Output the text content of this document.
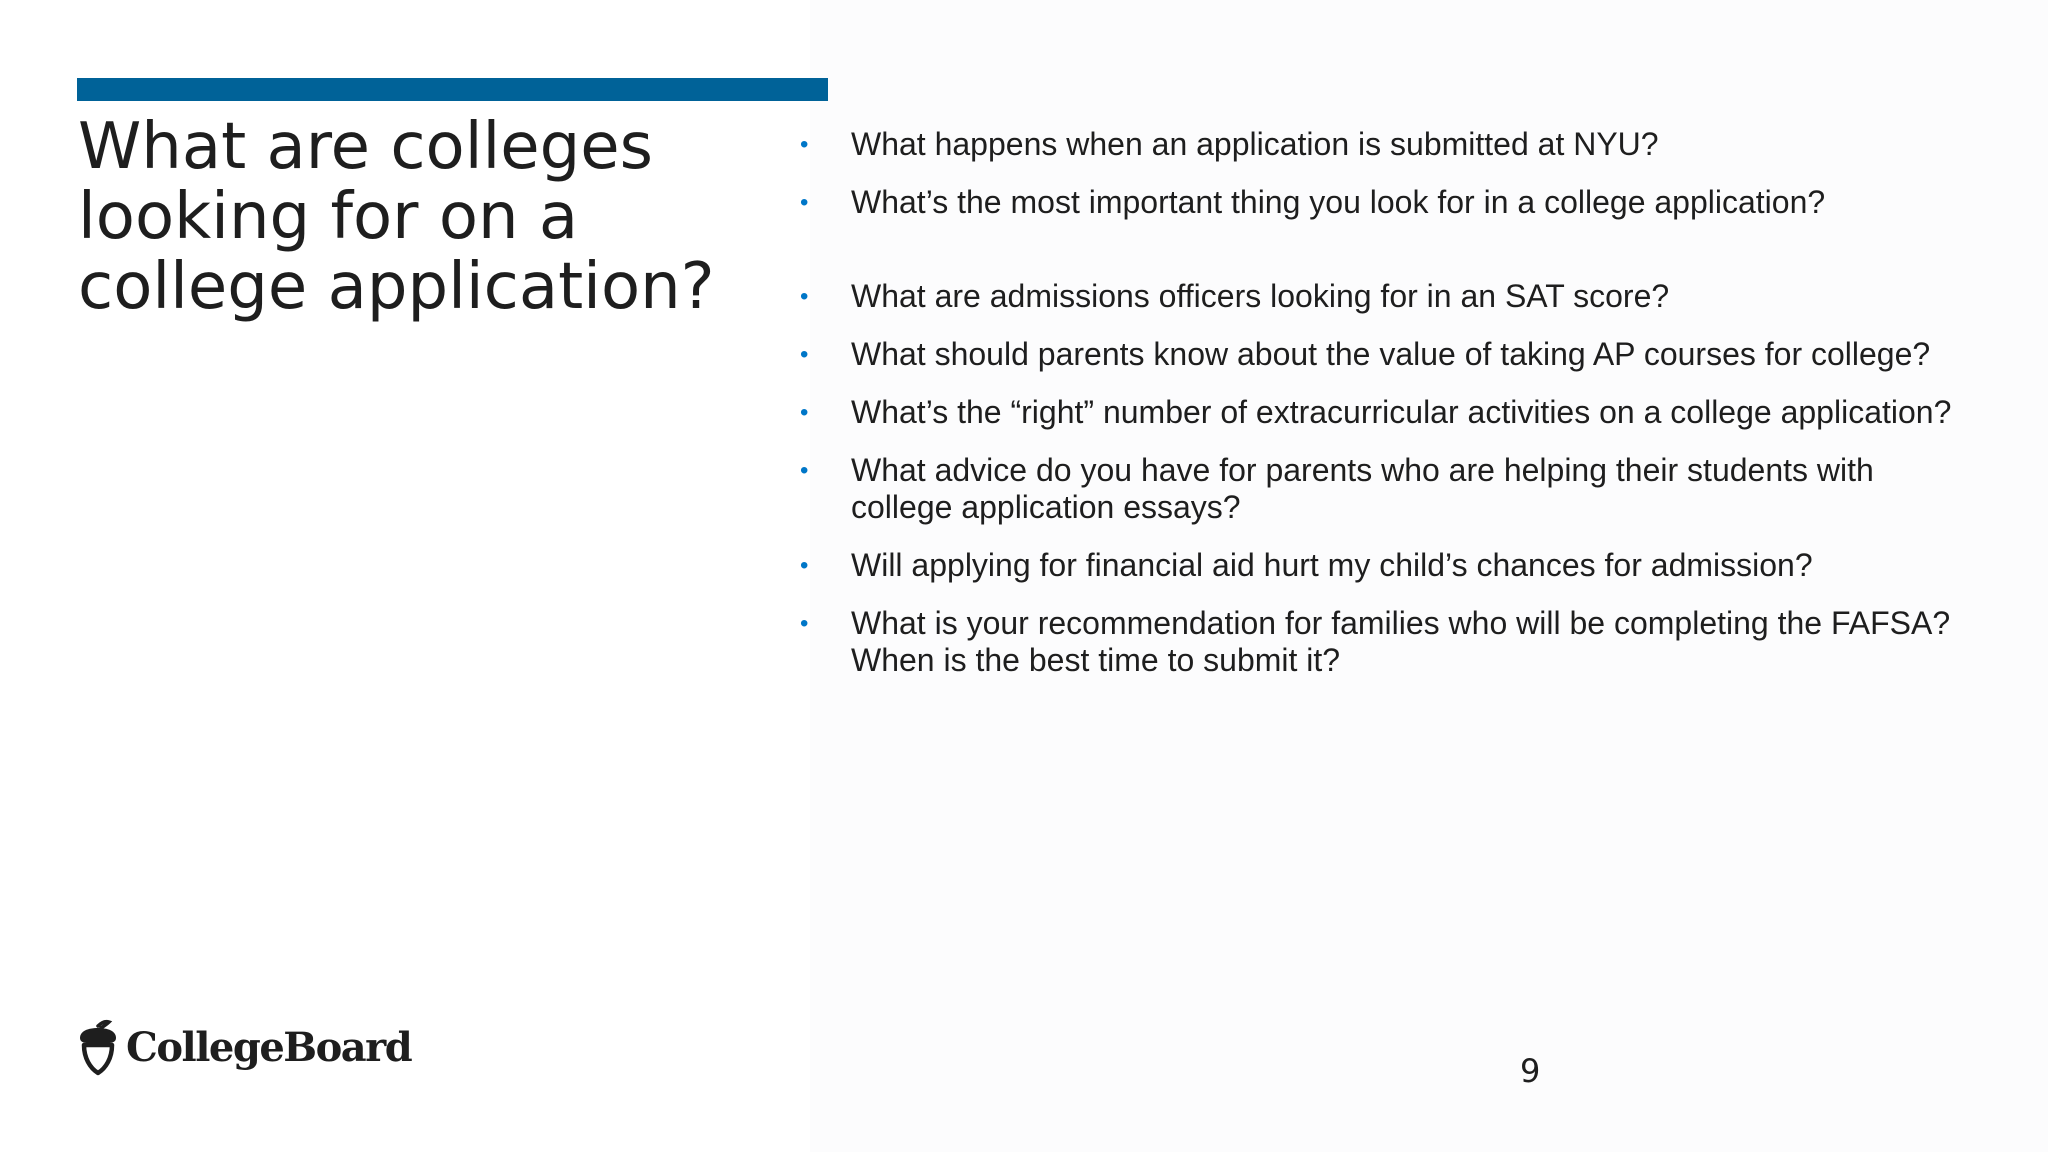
What are colleges looking for on a college application?
• What happens when an application is submitted at NYU?
• What’s the most important thing you look for in a college application?
• What are admissions officers looking for in an SAT score?
• What should parents know about the value of taking AP courses for college?
• What’s the “right” number of extracurricular activities on a college application?
• What advice do you have for parents who are helping their students with college application essays?
• Will applying for financial aid hurt my child’s chances for admission?
• What is your recommendation for families who will be completing the FAFSA? When is the best time to submit it?
CollegeBoard
9
